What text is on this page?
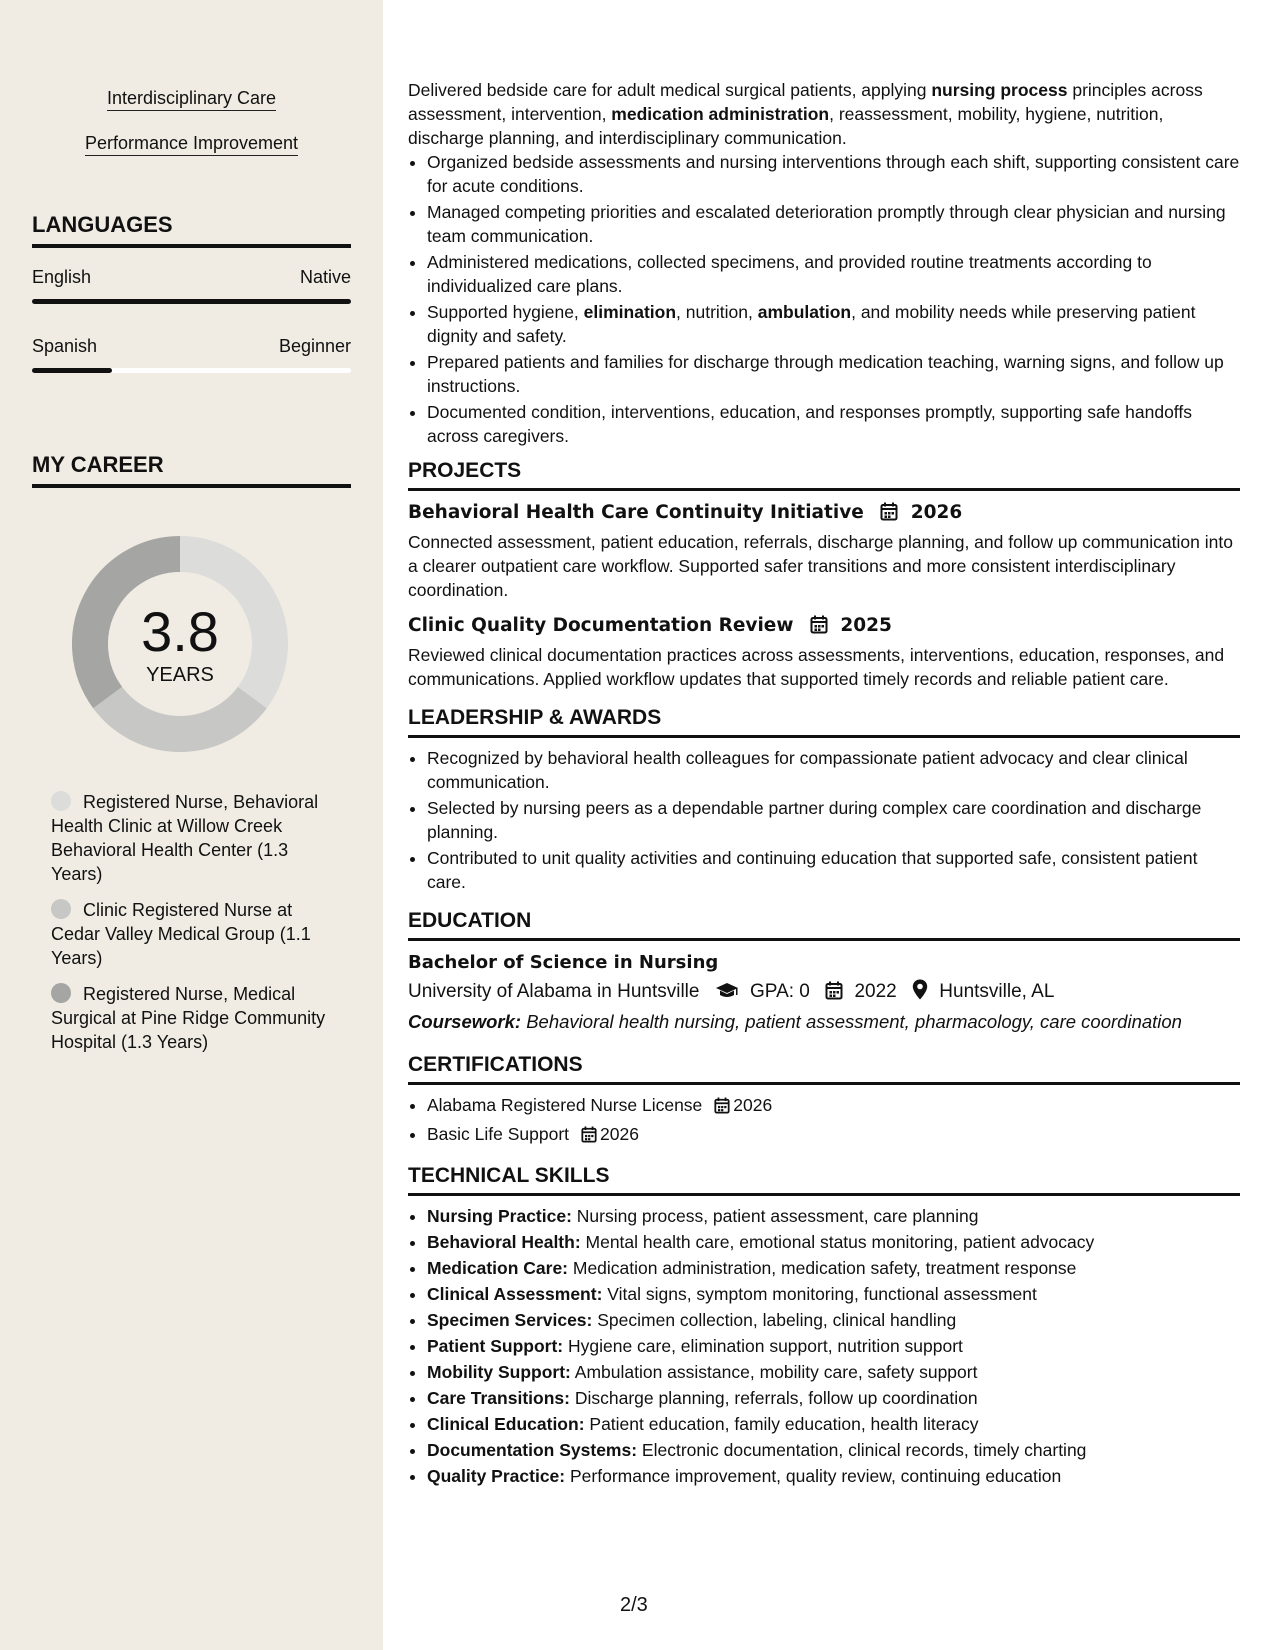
Interdisciplinary Care
Performance Improvement
LANGUAGES
English	Native
Spanish	Beginner
MY CAREER
3.8
YEARS
Registered Nurse, Behavioral Health Clinic at Willow Creek Behavioral Health Center (1.3 Years)
Clinic Registered Nurse at Cedar Valley Medical Group (1.1 Years)
Registered Nurse, Medical Surgical at Pine Ridge Community Hospital (1.3 Years)

Delivered bedside care for adult medical surgical patients, applying nursing process principles across assessment, intervention, medication administration, reassessment, mobility, hygiene, nutrition, discharge planning, and interdisciplinary communication.

• Organized bedside assessments and nursing interventions through each shift, supporting consistent care for acute conditions.
• Managed competing priorities and escalated deterioration promptly through clear physician and nursing team communication.
• Administered medications, collected specimens, and provided routine treatments according to individualized care plans.
• Supported hygiene, elimination, nutrition, ambulation, and mobility needs while preserving patient dignity and safety.
• Prepared patients and families for discharge through medication teaching, warning signs, and follow up instructions.
• Documented condition, interventions, education, and responses promptly, supporting safe handoffs across caregivers.
PROJECTS
Behavioral Health Care Continuity Initiative	2026

Connected assessment, patient education, referrals, discharge planning, and follow up communication into a clearer outpatient care workflow. Supported safer transitions and more consistent interdisciplinary coordination.

Clinic Quality Documentation Review	2025

Reviewed clinical documentation practices across assessments, interventions, education, responses, and communications. Applied workflow updates that supported timely records and reliable patient care.

LEADERSHIP & AWARDS
• Recognized by behavioral health colleagues for compassionate patient advocacy and clear clinical communication.
• Selected by nursing peers as a dependable partner during complex care coordination and discharge planning.
• Contributed to unit quality activities and continuing education that supported safe, consistent patient care.
EDUCATION
Bachelor of Science in Nursing
University of Alabama in Huntsville	GPA: 0 2022 Huntsville, AL

Coursework: Behavioral health nursing, patient assessment, pharmacology, care coordination

CERTIFICATIONS
• Alabama Registered Nurse License 2026
• Basic Life Support 2026
TECHNICAL SKILLS
• Nursing Practice: Nursing process, patient assessment, care planning
• Behavioral Health: Mental health care, emotional status monitoring, patient advocacy
• Medication Care: Medication administration, medication safety, treatment response
• Clinical Assessment: Vital signs, symptom monitoring, functional assessment
• Specimen Services: Specimen collection, labeling, clinical handling
• Patient Support: Hygiene care, elimination support, nutrition support
• Mobility Support: Ambulation assistance, mobility care, safety support
• Care Transitions: Discharge planning, referrals, follow up coordination
• Clinical Education: Patient education, family education, health literacy
• Documentation Systems: Electronic documentation, clinical records, timely charting
• Quality Practice: Performance improvement, quality review, continuing education
2/3
